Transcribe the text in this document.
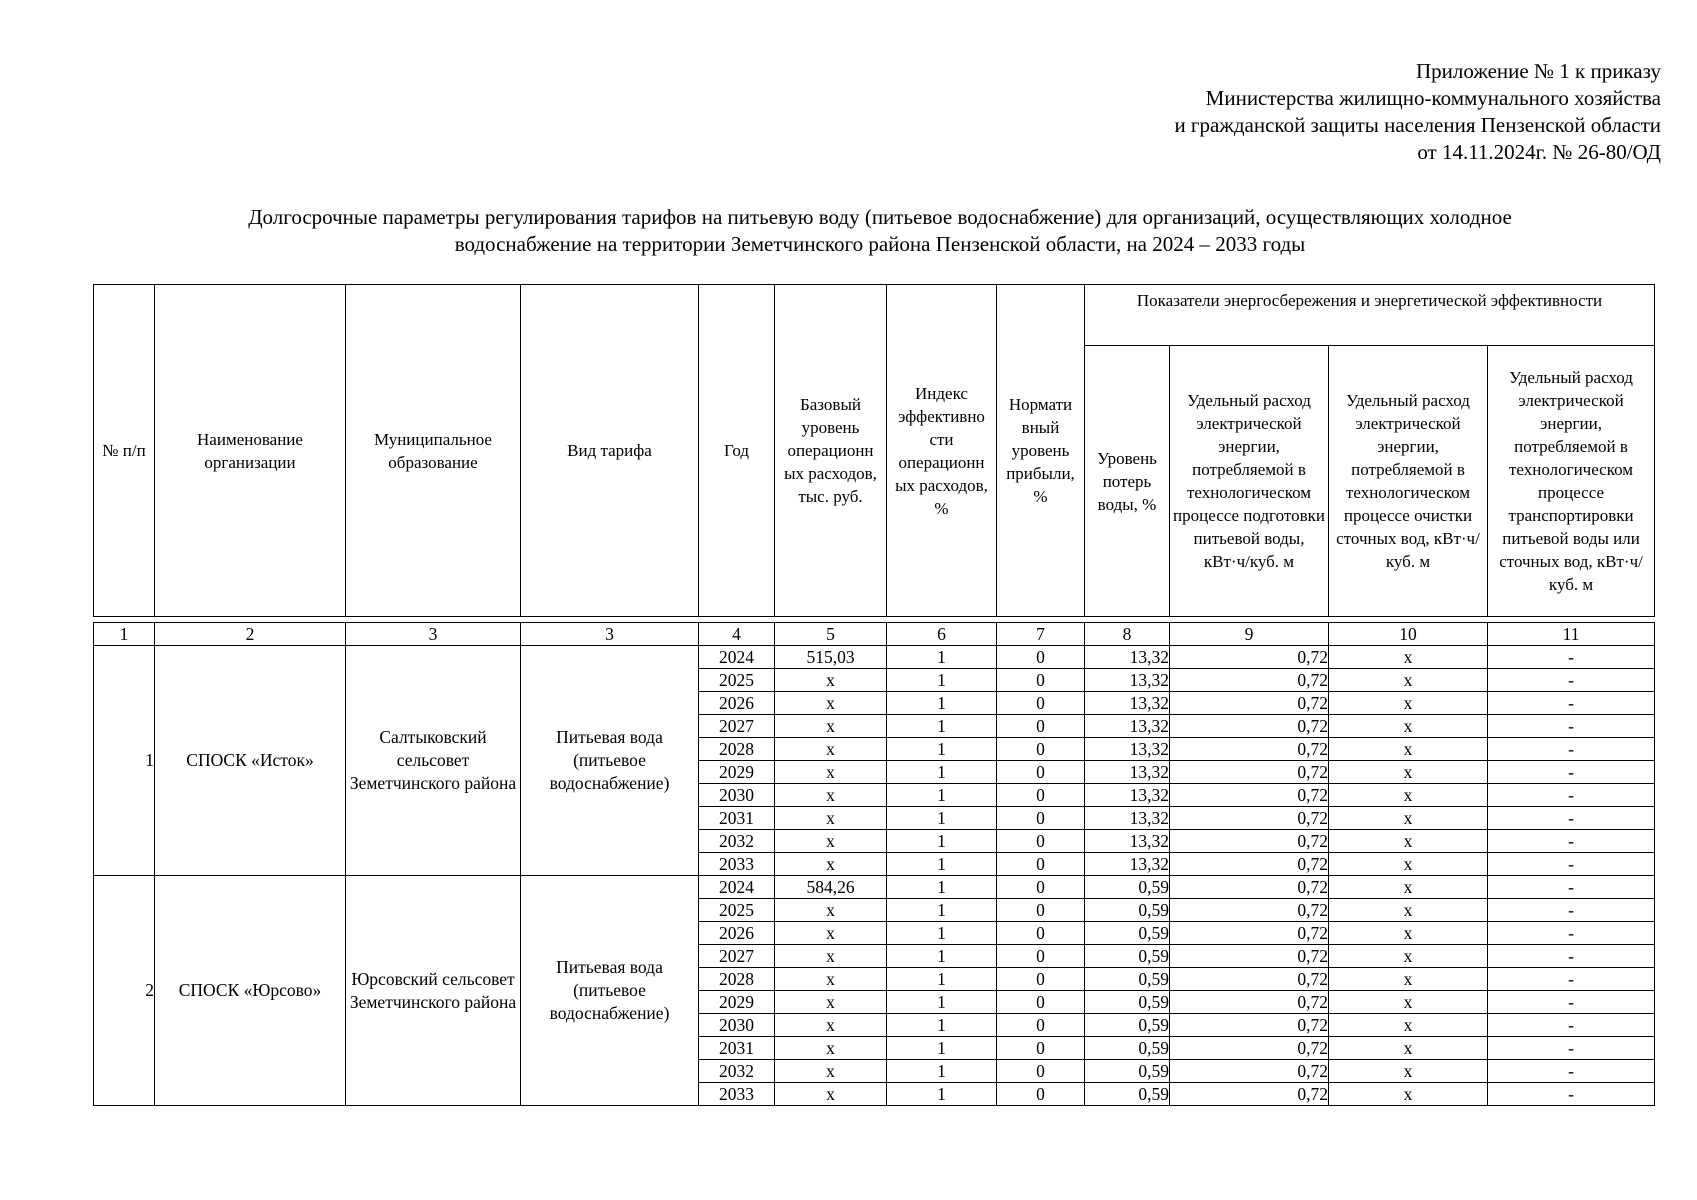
Приложение № 1 к приказу
Министерства жилищно-коммунального хозяйства
и гражданской защиты населения Пензенской области
от 14.11.2024г. № 26-80/ОД
Долгосрочные параметры регулирования тарифов на питьевую воду (питьевое водоснабжение) для организаций, осуществляющих холодное
водоснабжение на территории Земетчинского района Пензенской области, на 2024 – 2033 годы
№ п/п	Наименование организации	Муниципальное образование	Вид тарифа	Год	Базовый уровень операционн ых расходов, тыс. руб.	Индекс эффективно сти операционн ых расходов, %	Нормати вный уровень прибыли, %	Показатели энергосбережения и энергетической эффективности			
								Уровень потерь воды, %	Удельный расход электрической энергии, потребляемой в технологическом процессе подготовки питьевой воды, кВт·ч/куб. м	Удельный расход электрической энергии, потребляемой в технологическом процессе очистки сточных вод, кВт·ч/куб. м	Удельный расход электрической энергии, потребляемой в технологическом процессе транспортировки питьевой воды или сточных вод, кВт·ч/куб. м

1	2	3	3	4	5	6	7	8	9	10	11
1	СПОСК «Исток»	Салтыковский сельсовет Земетчинского района	Питьевая вода (питьевое водоснабжение)	2024	515,03	1	0	13,32	0,72	x	-
				2025	x	1	0	13,32	0,72	x	-
				2026	x	1	0	13,32	0,72	x	-
				2027	x	1	0	13,32	0,72	x	-
				2028	x	1	0	13,32	0,72	x	-
				2029	x	1	0	13,32	0,72	x	-
				2030	x	1	0	13,32	0,72	x	-
				2031	x	1	0	13,32	0,72	x	-
				2032	x	1	0	13,32	0,72	x	-
				2033	x	1	0	13,32	0,72	x	-
2	СПОСК «Юрсово»	Юрсовский сельсовет Земетчинского района	Питьевая вода (питьевое водоснабжение)	2024	584,26	1	0	0,59	0,72	x	-
				2025	x	1	0	0,59	0,72	x	-
				2026	x	1	0	0,59	0,72	x	-
				2027	x	1	0	0,59	0,72	x	-
				2028	x	1	0	0,59	0,72	x	-
				2029	x	1	0	0,59	0,72	x	-
				2030	x	1	0	0,59	0,72	x	-
				2031	x	1	0	0,59	0,72	x	-
				2032	x	1	0	0,59	0,72	x	-
				2033	x	1	0	0,59	0,72	x	-
